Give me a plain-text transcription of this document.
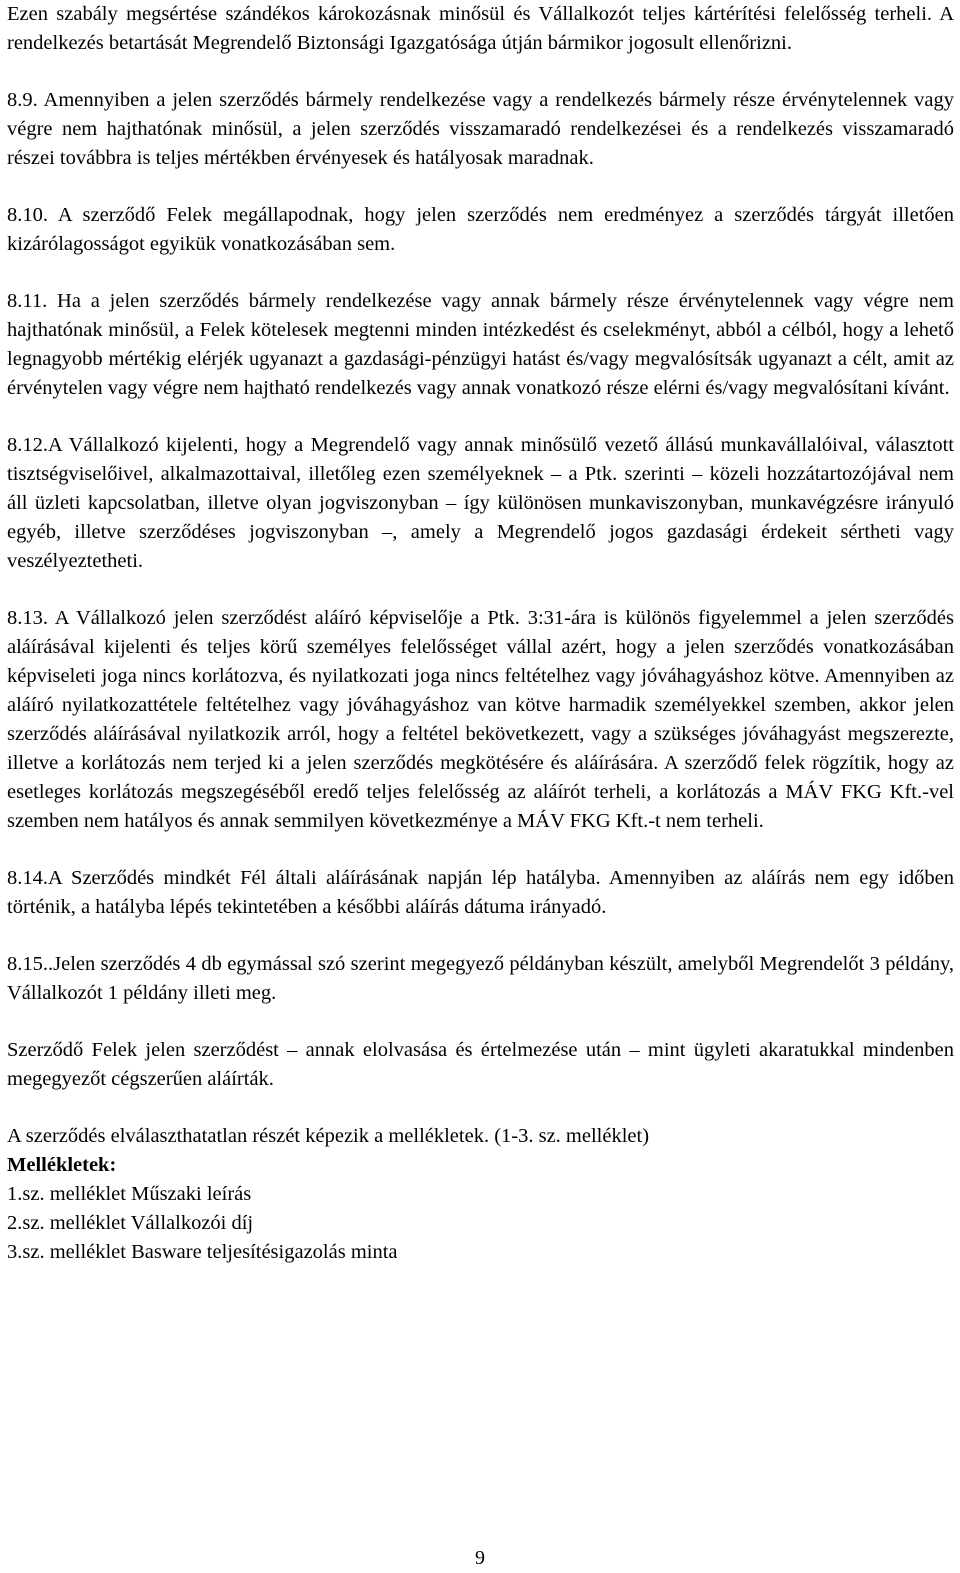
Ezen szabály megsértése szándékos károkozásnak minősül és Vállalkozót teljes kártérítési felelősség terheli. A rendelkezés betartását Megrendelő Biztonsági Igazgatósága útján bármikor jogosult ellenőrizni.

8.9. Amennyiben a jelen szerződés bármely rendelkezése vagy a rendelkezés bármely része érvénytelennek vagy végre nem hajthatónak minősül, a jelen szerződés visszamaradó rendelkezései és a rendelkezés visszamaradó részei továbbra is teljes mértékben érvényesek és hatályosak maradnak.

8.10. A szerződő Felek megállapodnak, hogy jelen szerződés nem eredményez a szerződés tárgyát illetően kizárólagosságot egyikük vonatkozásában sem.

8.11. Ha a jelen szerződés bármely rendelkezése vagy annak bármely része érvénytelennek vagy végre nem hajthatónak minősül, a Felek kötelesek megtenni minden intézkedést és cselekményt, abból a célból, hogy a lehető legnagyobb mértékig elérjék ugyanazt a gazdasági-pénzügyi hatást és/vagy megvalósítsák ugyanazt a célt, amit az érvénytelen vagy végre nem hajtható rendelkezés vagy annak vonatkozó része elérni és/vagy megvalósítani kívánt.

8.12.A Vállalkozó kijelenti, hogy a Megrendelő vagy annak minősülő vezető állású munkavállalóival, választott tisztségviselőivel, alkalmazottaival, illetőleg ezen személyeknek – a Ptk. szerinti – közeli hozzátartozójával nem áll üzleti kapcsolatban, illetve olyan jogviszonyban – így különösen munkaviszonyban, munkavégzésre irányuló egyéb, illetve szerződéses jogviszonyban –, amely a Megrendelő jogos gazdasági érdekeit sértheti vagy veszélyeztetheti.

8.13. A Vállalkozó jelen szerződést aláíró képviselője a Ptk. 3:31-ára is különös figyelemmel a jelen szerződés aláírásával kijelenti és teljes körű személyes felelősséget vállal azért, hogy a jelen szerződés vonatkozásában képviseleti joga nincs korlátozva, és nyilatkozati joga nincs feltételhez vagy jóváhagyáshoz kötve. Amennyiben az aláíró nyilatkozattétele feltételhez vagy jóváhagyáshoz van kötve harmadik személyekkel szemben, akkor jelen szerződés aláírásával nyilatkozik arról, hogy a feltétel bekövetkezett, vagy a szükséges jóváhagyást megszerezte, illetve a korlátozás nem terjed ki a jelen szerződés megkötésére és aláírására. A szerződő felek rögzítik, hogy az esetleges korlátozás megszegéséből eredő teljes felelősség az aláírót terheli, a korlátozás a MÁV FKG Kft.-vel szemben nem hatályos és annak semmilyen következménye a MÁV FKG Kft.-t nem terheli.

8.14.A Szerződés mindkét Fél általi aláírásának napján lép hatályba. Amennyiben az aláírás nem egy időben történik, a hatályba lépés tekintetében a későbbi aláírás dátuma irányadó.

8.15..Jelen szerződés 4 db egymással szó szerint megegyező példányban készült, amelyből Megrendelőt 3 példány, Vállalkozót 1 példány illeti meg.

Szerződő Felek jelen szerződést – annak elolvasása és értelmezése után – mint ügyleti akaratukkal mindenben megegyezőt cégszerűen aláírták.

A szerződés elválaszthatatlan részét képezik a mellékletek. (1-3. sz. melléklet)

Mellékletek:
1.sz. melléklet Műszaki leírás
2.sz. melléklet Vállalkozói díj
3.sz. melléklet Basware teljesítésigazolás minta
9
